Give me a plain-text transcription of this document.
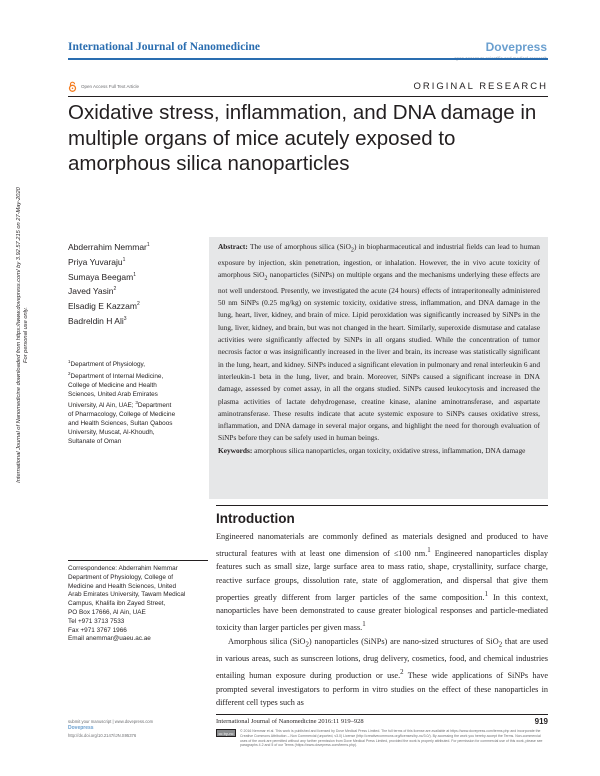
International Journal of Nanomedicine	Dovepress
Open Access Full Text Article	ORIGINAL RESEARCH
Oxidative stress, inflammation, and DNA damage in multiple organs of mice acutely exposed to amorphous silica nanoparticles
International Journal of Nanomedicine downloaded from https://www.dovepress.com/ by 3.92.57.215 on 27-May-2020 For personal use only.
Abderrahim Nemmar$^1$
Priya Yuvaraju$^1$
Sumaya Beegam$^1$
Javed Yasin$^2$
Elsadig E Kazzam$^2$
Badreldin H Ali$^3$
$^1$Department of Physiology,
$^2$Department of Internal Medicine,
College of Medicine and Health
Sciences, United Arab Emirates
University, Al Ain, UAE; $^3$Department
of Pharmacology, College of Medicine
and Health Sciences, Sultan Qaboos
University, Muscat, Al-Khoudh,
Sultanate of Oman
Correspondence: Abderrahim Nemmar
Department of Physiology, College of
Medicine and Health Sciences, United
Arab Emirates University, Tawam Medical
Campus, Khalifa ibn Zayed Street,
PO Box 17666, Al Ain, UAE
Tel +971 3713 7533
Fax +971 3767 1966
Email anemmar@uaeu.ac.ae
Abstract: The use of amorphous silica (SiO$_2$) in biopharmaceutical and industrial fields can lead to human exposure by injection, skin penetration, ingestion, or inhalation. However, the in vivo acute toxicity of amorphous SiO$_2$ nanoparticles (SiNPs) on multiple organs and the mechanisms underlying these effects are not well understood. Presently, we investigated the acute (24 hours) effects of intraperitoneally administered 50 nm SiNPs (0.25 mg/kg) on systemic toxicity, oxidative stress, inflammation, and DNA damage in the lung, heart, liver, kidney, and brain of mice. Lipid peroxidation was significantly increased by SiNPs in the lung, liver, kidney, and brain, but was not changed in the heart. Similarly, superoxide dismutase and catalase activities were significantly affected by SiNPs in all organs studied. While the concentration of tumor necrosis factor α was insignificantly increased in the liver and brain, its increase was statistically significant in the lung, heart, and kidney. SiNPs induced a significant elevation in pulmonary and renal interleukin 6 and interleukin-1 beta in the lung, liver, and brain. Moreover, SiNPs caused a significant increase in DNA damage, assessed by comet assay, in all the organs studied. SiNPs caused leukocytosis and increased the plasma activities of lactate dehydrogenase, creatine kinase, alanine aminotransferase, and aspartate aminotransferase. These results indicate that acute systemic exposure to SiNPs causes oxidative stress, inflammation, and DNA damage in several major organs, and highlight the need for thorough evaluation of SiNPs before they can be safely used in human beings.
Keywords: amorphous silica nanoparticles, organ toxicity, oxidative stress, inflammation, DNA damage
Introduction

Engineered nanomaterials are commonly defined as materials designed and produced to have structural features with at least one dimension of ≤100 nm.$^1$ Engineered nanoparticles display features such as small size, large surface area to mass ratio, shape, crystallinity, surface charge, reactive surface groups, dissolution rate, state of agglomeration, and dispersal that give them properties greatly different from larger particles of the same composition.$^1$ In this context, nanoparticles have been demonstrated to cause greater biological responses and particle-mediated toxicity than larger particles per given mass.$^1$

Amorphous silica (SiO$_2$) nanoparticles (SiNPs) are nano-sized structures of SiO$_2$ that are used in various areas, such as sunscreen lotions, drug delivery, cosmetics, food, and chemical industries entailing human exposure during production or use.$^2$ These wide applications of SiNPs have prompted several investigators to perform in vitro studies on the effect of these nanoparticles in different cell types such as

submit your manuscript | www.dovepress.com
Dovepress
http://dx.doi.org/10.2147/IJN.S95376
International Journal of Nanomedicine 2016:11 919–928	919
cc by-nc	© 2016 Nemmar et al. This work is published and licensed by Dove Medical Press Limited. The full terms of this license are available at https://www.dovepress.com/terms.php and incorporate the Creative Commons Attribution – Non Commercial (unported, v3.0) License (http://creativecommons.org/licenses/by-nc/3.0/). By accessing the work you hereby accept the Terms. Non-commercial uses of the work are permitted without any further permission from Dove Medical Press Limited, provided the work is properly attributed. For permission for commercial use of this work, please see paragraphs 4.2 and 5 of our Terms (https://www.dovepress.com/terms.php).
